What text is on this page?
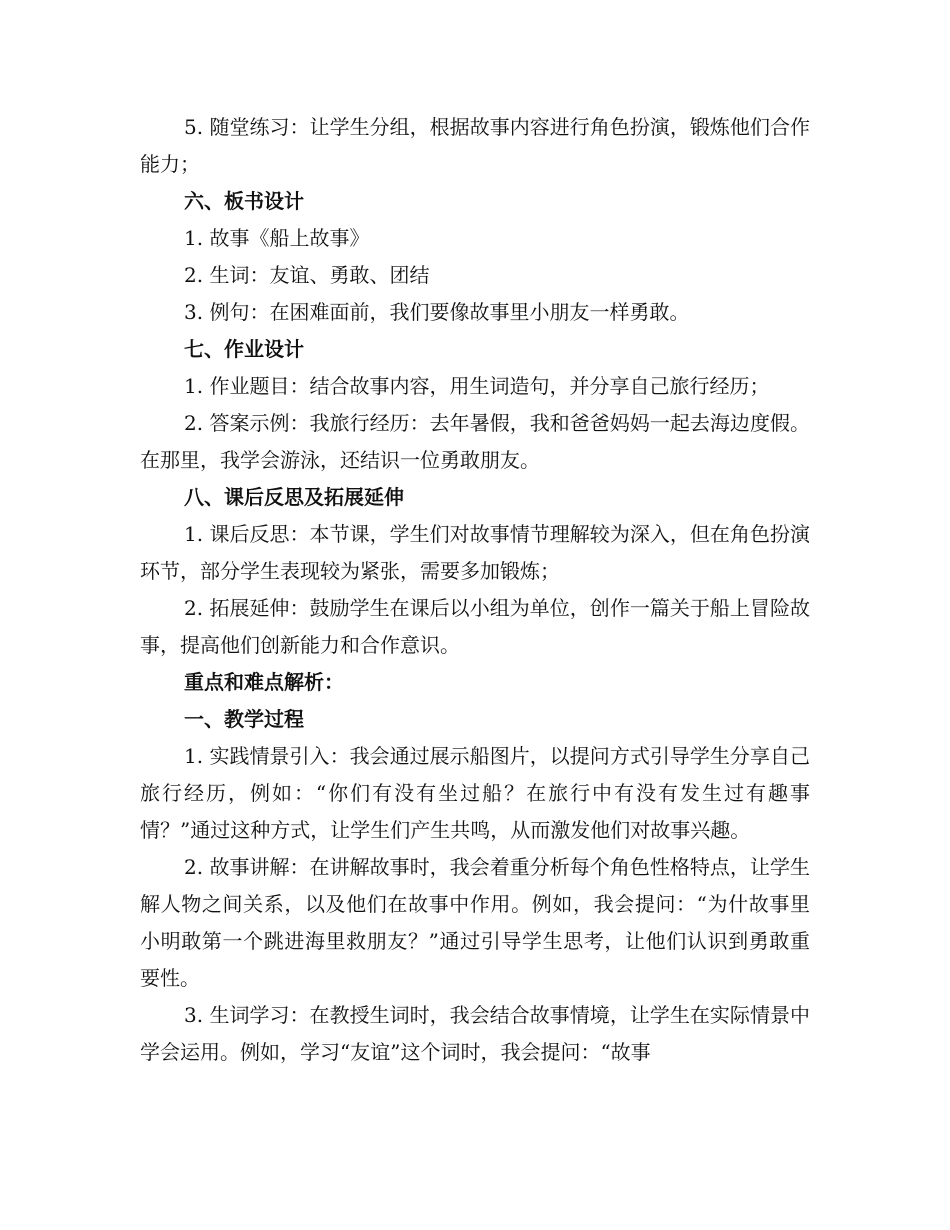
5. 随堂练习：让学生分组，根据故事内容进行角色扮演，锻炼他们合作能力；

六、板书设计

1. 故事《船上故事》

2. 生词：友谊、勇敢、团结

3. 例句：在困难面前，我们要像故事里小朋友一样勇敢。

七、作业设计

1. 作业题目：结合故事内容，用生词造句，并分享自己旅行经历；

2. 答案示例：我旅行经历：去年暑假，我和爸爸妈妈一起去海边度假。在那里，我学会游泳，还结识一位勇敢朋友。

八、课后反思及拓展延伸

1. 课后反思：本节课，学生们对故事情节理解较为深入，但在角色扮演环节，部分学生表现较为紧张，需要多加锻炼；

2. 拓展延伸：鼓励学生在课后以小组为单位，创作一篇关于船上冒险故事，提高他们创新能力和合作意识。

重点和难点解析：

一、教学过程

1. 实践情景引入：我会通过展示船图片，以提问方式引导学生分享自己旅行经历，例如：“你们有没有坐过船？在旅行中有没有发生过有趣事情？”通过这种方式，让学生们产生共鸣，从而激发他们对故事兴趣。

2. 故事讲解：在讲解故事时，我会着重分析每个角色性格特点，让学生解人物之间关系，以及他们在故事中作用。例如，我会提问：“为什故事里小明敢第一个跳进海里救朋友？”通过引导学生思考，让他们认识到勇敢重要性。

3. 生词学习：在教授生词时，我会结合故事情境，让学生在实际情景中学会运用。例如，学习“友谊”这个词时，我会提问：“故事
